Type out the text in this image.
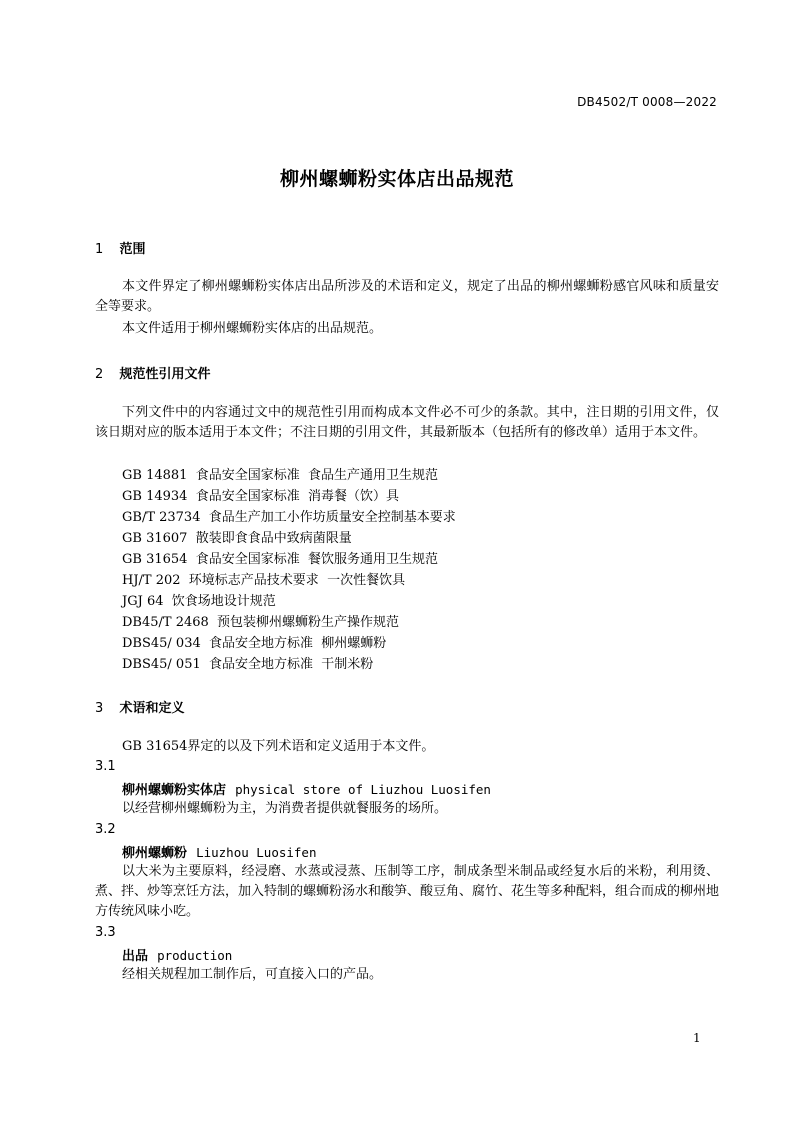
DB4502/T 0008—2022
柳州螺蛳粉实体店出品规范
1 范围
本文件界定了柳州螺蛳粉实体店出品所涉及的术语和定义，规定了出品的柳州螺蛳粉感官风味和质量安全等要求。
本文件适用于柳州螺蛳粉实体店的出品规范。
2 规范性引用文件
下列文件中的内容通过文中的规范性引用而构成本文件必不可少的条款。其中，注日期的引用文件，仅该日期对应的版本适用于本文件；不注日期的引用文件，其最新版本（包括所有的修改单）适用于本文件。
GB 14881  食品安全国家标准  食品生产通用卫生规范
GB 14934  食品安全国家标准  消毒餐（饮）具
GB/T 23734  食品生产加工小作坊质量安全控制基本要求
GB 31607  散装即食食品中致病菌限量
GB 31654  食品安全国家标准  餐饮服务通用卫生规范
HJ/T 202  环境标志产品技术要求  一次性餐饮具
JGJ 64  饮食场地设计规范
DB45/T 2468  预包装柳州螺蛳粉生产操作规范
DBS45/ 034  食品安全地方标准  柳州螺蛳粉
DBS45/ 051  食品安全地方标准  干制米粉
3 术语和定义
GB 31654界定的以及下列术语和定义适用于本文件。
3.1
柳州螺蛳粉实体店 physical store of Liuzhou Luosifen
以经营柳州螺蛳粉为主，为消费者提供就餐服务的场所。
3.2
柳州螺蛳粉 Liuzhou Luosifen
以大米为主要原料，经浸磨、水蒸或浸蒸、压制等工序，制成条型米制品或经复水后的米粉，利用烫、煮、拌、炒等烹饪方法，加入特制的螺蛳粉汤水和酸笋、酸豆角、腐竹、花生等多种配料，组合而成的柳州地方传统风味小吃。
3.3
出品 production
经相关规程加工制作后，可直接入口的产品。
1
